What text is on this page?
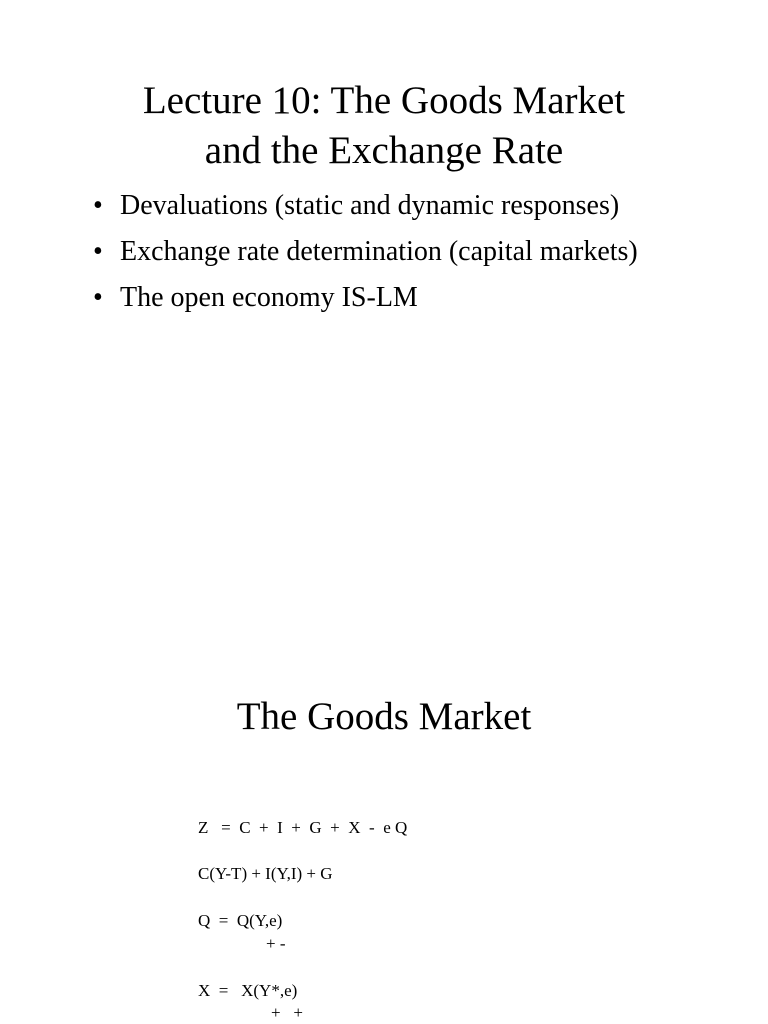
Lecture 10: The Goods Market
and the Exchange Rate
• Devaluations (static and dynamic responses)
• Exchange rate determination (capital markets)
• The open economy IS-LM
The Goods Market
Z   =  C  +  I  +  G  +  X  -  e Q
C(Y-T) + I(Y,I) + G
Q  =  Q(Y,e)
+ -
X  =   X(Y*,e)
+   +
